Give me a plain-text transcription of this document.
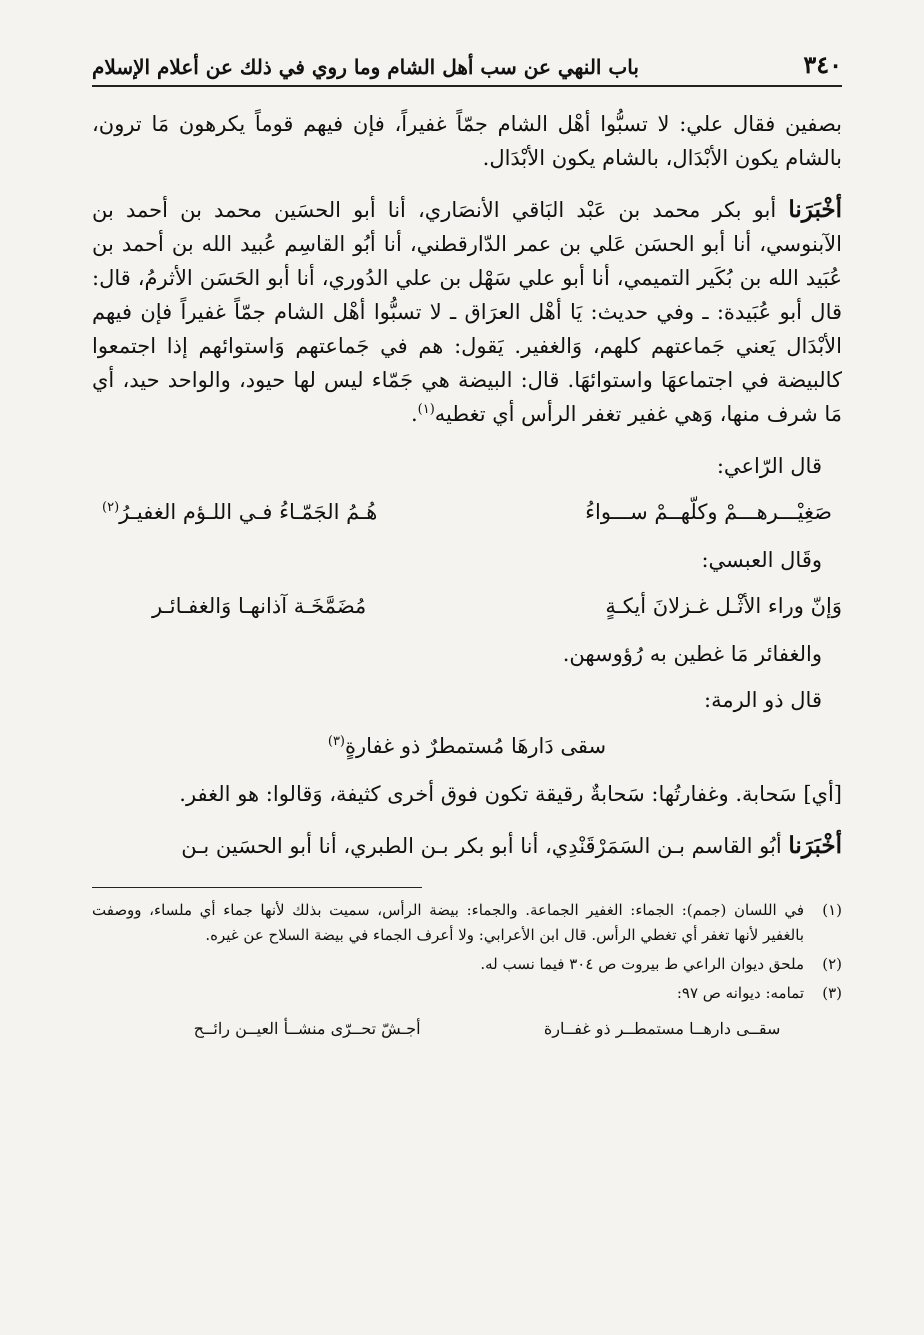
٣٤٠
باب النهي عن سب أهل الشام وما روي في ذلك عن أعلام الإسلام

بصفين فقال علي: لا تسبُّوا أهْل الشام جمّاً غفيراً، فإن فيهم قوماً يكرهون مَا ترون، بالشام يكون الأبْدَال، بالشام يكون الأبْدَال.

أخْبَرَنا أبو بكر محمد بن عَبْد البَاقي الأنصَاري، أنا أبو الحسَين محمد بن أحمد بن الآبنوسي، أنا أبو الحسَن عَلي بن عمر الدّارقطني، أنا أبُو القاسِم عُبيد الله بن أحمد بن عُبَيد الله بن بُكَير التميمي، أنا أبو علي سَهْل بن علي الدُوري، أنا أبو الحَسَن الأثرمُ، قال: قال أبو عُبَيدة: ـ وفي حديث: يَا أهْل العرَاق ـ لا تسبُّوا أهْل الشام جمّاً غفيراً فإن فيهم الأبْدَال يَعني جَماعتهم كلهم، وَالغفير. يَقول: هم في جَماعتهم وَاستوائهم إذا اجتمعوا كالبيضة في اجتماعهَا واستوائهَا. قال: البيضة هي جَمّاء ليس لها حيود، والواحد حيد، أي مَا شرف منها، وَهي غفير تغفر الرأس أي تغطيه$^{(١)}$.

قال الرّاعي:

صَغِيْـــرهـــمْ وكلّهــمْ ســـواءُ
هُـمُ الجَمّـاءُ فـي اللـؤم الغفيـرُ$^{(٢)}$

وقَال العبسي:

وَإنّ وراء الأثْـل غـزلانَ أيكـةٍ
مُضَمَّخَـة آذانهـا وَالغفـائـر

والغفائر مَا غطين به رُؤوسهن.

قال ذو الرمة:

سقى دَارهَا مُستمطرٌ ذو غفارةٍ$^{(٣)}$

[أي] سَحابة. وغفارتُها: سَحابةٌ رقيقة تكون فوق أخرى كثيفة، وَقالوا: هو الغفر.

أخْبَرَنا أبُو القاسم بـن السَمَرْقَنْدِي، أنا أبو بكر بـن الطبري، أنا أبو الحسَين بـن

(١)
في اللسان (جمم): الجماء: الغفير الجماعة. والجماء: بيضة الرأس، سميت بذلك لأنها جماء أي ملساء، ووصفت بالغفير لأنها تغفر أي تغطي الرأس. قال ابن الأعرابي: ولا أعرف الجماء في بيضة السلاح عن غيره.
(٢)
ملحق ديوان الراعي ط بيروت ص ٣٠٤ فيما نسب له.
(٣)
تمامه: ديوانه ص ٩٧:
سقــى دارهــا مستمطــر ذو غفــارة
أجـشّ تحــرّى منشــأ العيــن رائــح
